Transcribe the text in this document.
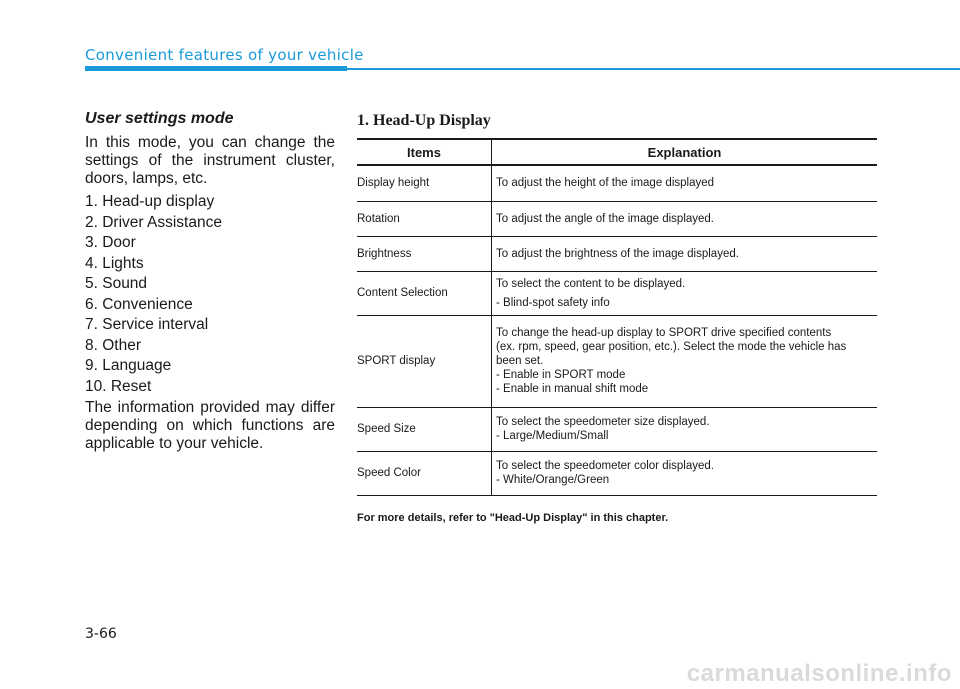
Convenient features of your vehicle
User settings mode

In this mode, you can change the settings of the instrument cluster, doors, lamps, etc.

1. Head-up display
2. Driver Assistance
3. Door
4. Lights
5. Sound
6. Convenience
7. Service interval
8. Other
9. Language
10. Reset

The information provided may differ depending on which functions are applicable to your vehicle.

1. Head-Up Display
Items	Explanation
Display height	To adjust the height of the image displayed

Rotation	To adjust the angle of the image displayed.

Brightness	To adjust the brightness of the image displayed.

Content Selection	To select the content to be displayed.
- Blind-spot safety info

SPORT display	To change the head-up display to SPORT drive specified contents
(ex. rpm, speed, gear position, etc.). Select the mode the vehicle has
been set.
- Enable in SPORT mode
- Enable in manual shift mode

Speed Size	To select the speedometer size displayed.
- Large/Medium/Small

Speed Color	To select the speedometer color displayed.
- White/Orange/Green
For more details, refer to "Head-Up Display" in this chapter.
3-66
carmanualsonline.info
